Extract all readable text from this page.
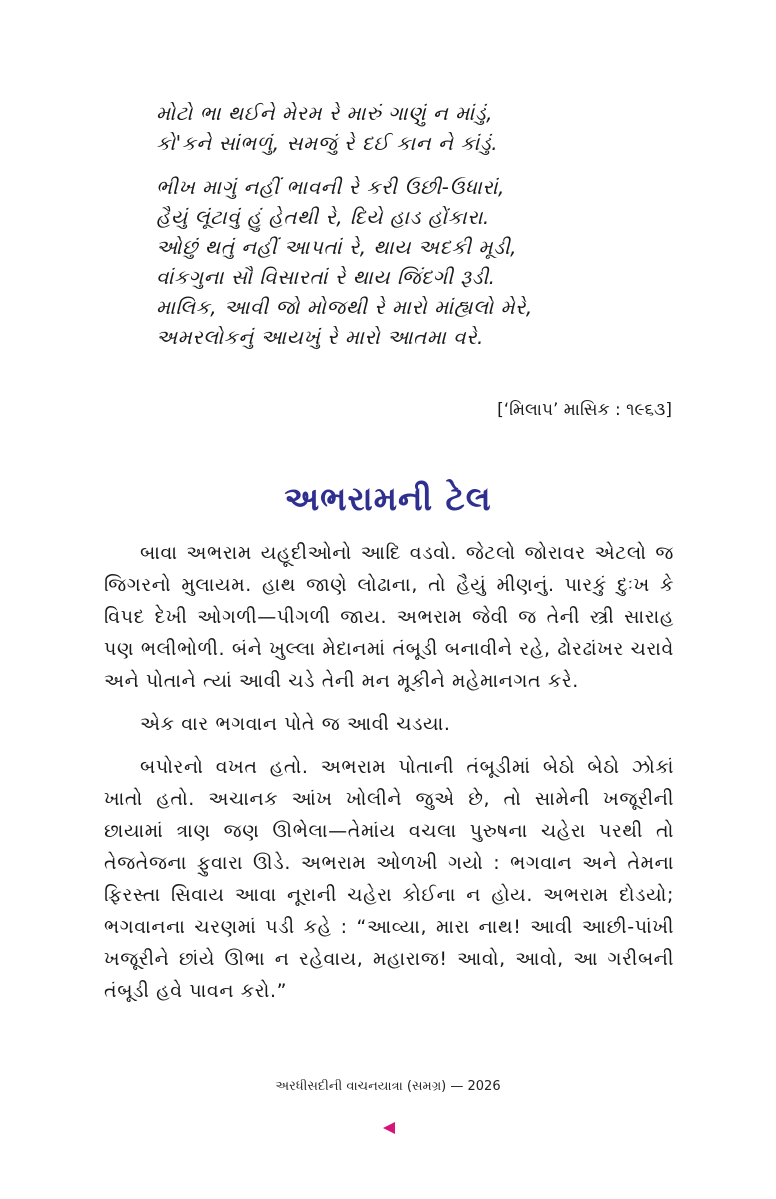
મોટો ભા થઈને મેરમ રે મારું ગાણું ન માંડું,
કો'કને સાંભળું, સમજું રે દઈ કાન ને કાંડું.
ભીખ માગું નહીં ભાવની રે કરી ઉછી-ઉધારાં,
હૈયું લૂંટાવું હું હેતથી રે, દિયે હાડ હોંકારા.
ઓછું થતું નહીં આપતાં રે, થાય અદકી મૂડી,
વાંકગુના સૌ વિસારતાં રે થાય જિંદગી રૂડી.
માલિક, આવી જો મોજથી રે મારો માંહ્યલો મેરે,
અમરલોકનું આયખું રે મારો આતમા વરે.
[‘મિલાપ’ માસિક : ૧૯૬૩]
અભરામની ટેલ

બાવા અભરામ યહૂદીઓનો આદિ વડવો. જેટલો જોરાવર એટલો જ જિગરનો મુલાયમ. હાથ જાણે લોઢાના, તો હૈયું મીણનું. પારકું દુઃખ કે વિપદ દેખી ઓગળી—પીગળી જાય. અભરામ જેવી જ તેની સ્ત્રી સારાહ પણ ભલીભોળી. બંને ખુલ્લા મેદાનમાં તંબૂડી બનાવીને રહે, ઢોરઢાંખર ચરાવે અને પોતાને ત્યાં આવી ચડે તેની મન મૂકીને મહેમાનગત કરે.

એક વાર ભગવાન પોતે જ આવી ચડયા.

બપોરનો વખત હતો. અભરામ પોતાની તંબૂડીમાં બેઠો બેઠો ઝોકાં ખાતો હતો. અચાનક આંખ ખોલીને જુએ છે, તો સામેની ખજૂરીની છાયામાં ત્રાણ જણ ઊભેલા—તેમાંય વચલા પુરુષના ચહેરા પરથી તો તેજતેજના ફુવારા ઊડે. અભરામ ઓળખી ગયો : ભગવાન અને તેમના ફિરસ્તા સિવાય આવા નૂરાની ચહેરા કોઈના ન હોય. અભરામ દોડયો; ભગવાનના ચરણમાં પડી કહે : “આવ્યા, મારા નાથ! આવી આછી-પાંખી ખજૂરીને છાંયે ઊભા ન રહેવાય, મહારાજ! આવો, આવો, આ ગરીબની તંબૂડી હવે પાવન કરો.”

અરધીસદીની વાચનયાત્રા (સમગ્ર) — 2026
